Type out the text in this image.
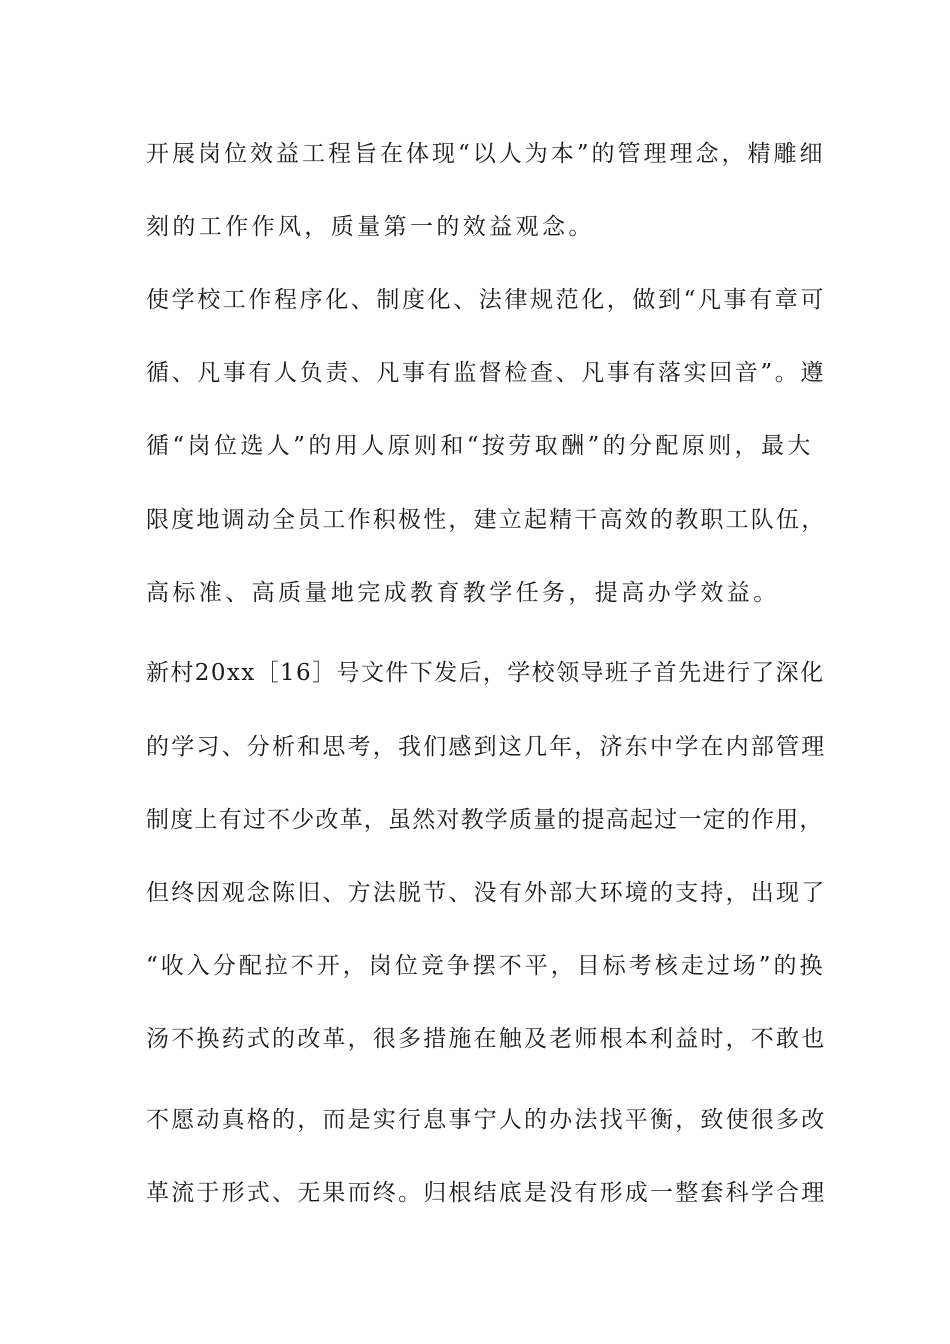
开展岗位效益工程旨在体现“以人为本”的管理理念，精雕细
刻的工作作风，质量第一的效益观念。
使学校工作程序化、制度化、法律规范化，做到“凡事有章可
循、凡事有人负责、凡事有监督检查、凡事有落实回音”。遵
循“岗位选人”的用人原则和“按劳取酬”的分配原则，最大
限度地调动全员工作积极性，建立起精干高效的教职工队伍，
高标准、高质量地完成教育教学任务，提高办学效益。
新村20xx［16］号文件下发后，学校领导班子首先进行了深化
的学习、分析和思考，我们感到这几年，济东中学在内部管理
制度上有过不少改革，虽然对教学质量的提高起过一定的作用，
但终因观念陈旧、方法脱节、没有外部大环境的支持，出现了
“收入分配拉不开，岗位竞争摆不平，目标考核走过场”的换
汤不换药式的改革，很多措施在触及老师根本利益时，不敢也
不愿动真格的，而是实行息事宁人的办法找平衡，致使很多改
革流于形式、无果而终。归根结底是没有形成一整套科学合理
